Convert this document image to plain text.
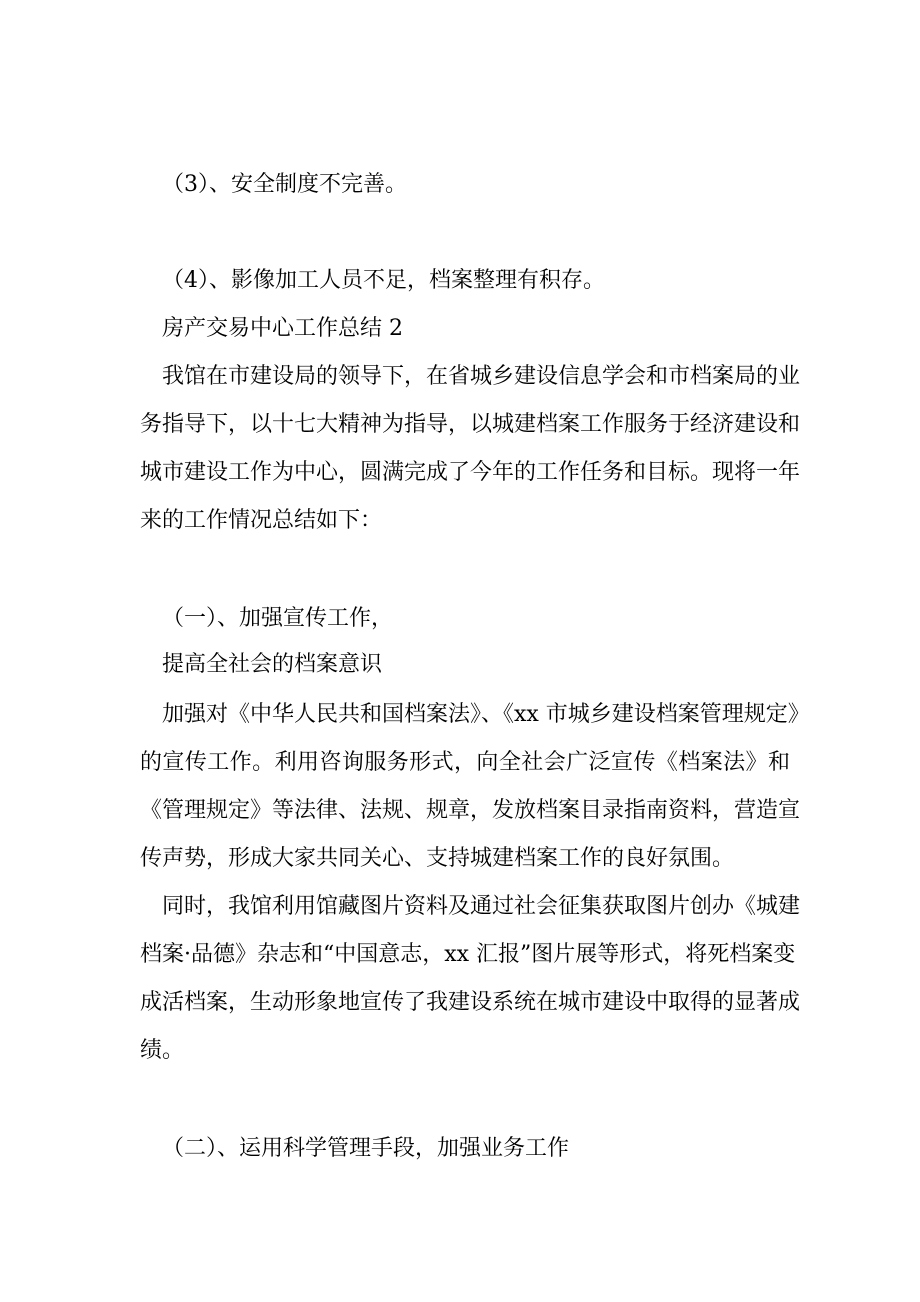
（3）、安全制度不完善。
（4）、影像加工人员不足，档案整理有积存。
房产交易中心工作总结 2
我馆在市建设局的领导下，在省城乡建设信息学会和市档案局的业
务指导下，以十七大精神为指导，以城建档案工作服务于经济建设和
城市建设工作为中心，圆满完成了今年的工作任务和目标。现将一年
来的工作情况总结如下：
（一）、加强宣传工作，
提高全社会的档案意识
加强对《中华人民共和国档案法》、《xx 市城乡建设档案管理规定》
的宣传工作。利用咨询服务形式，向全社会广泛宣传《档案法》和
《管理规定》等法律、法规、规章，发放档案目录指南资料，营造宣
传声势，形成大家共同关心、支持城建档案工作的良好氛围。
同时，我馆利用馆藏图片资料及通过社会征集获取图片创办《城建
档案·品德》杂志和“中国意志，xx 汇报”图片展等形式，将死档案变
成活档案，生动形象地宣传了我建设系统在城市建设中取得的显著成
绩。
（二）、运用科学管理手段，加强业务工作
